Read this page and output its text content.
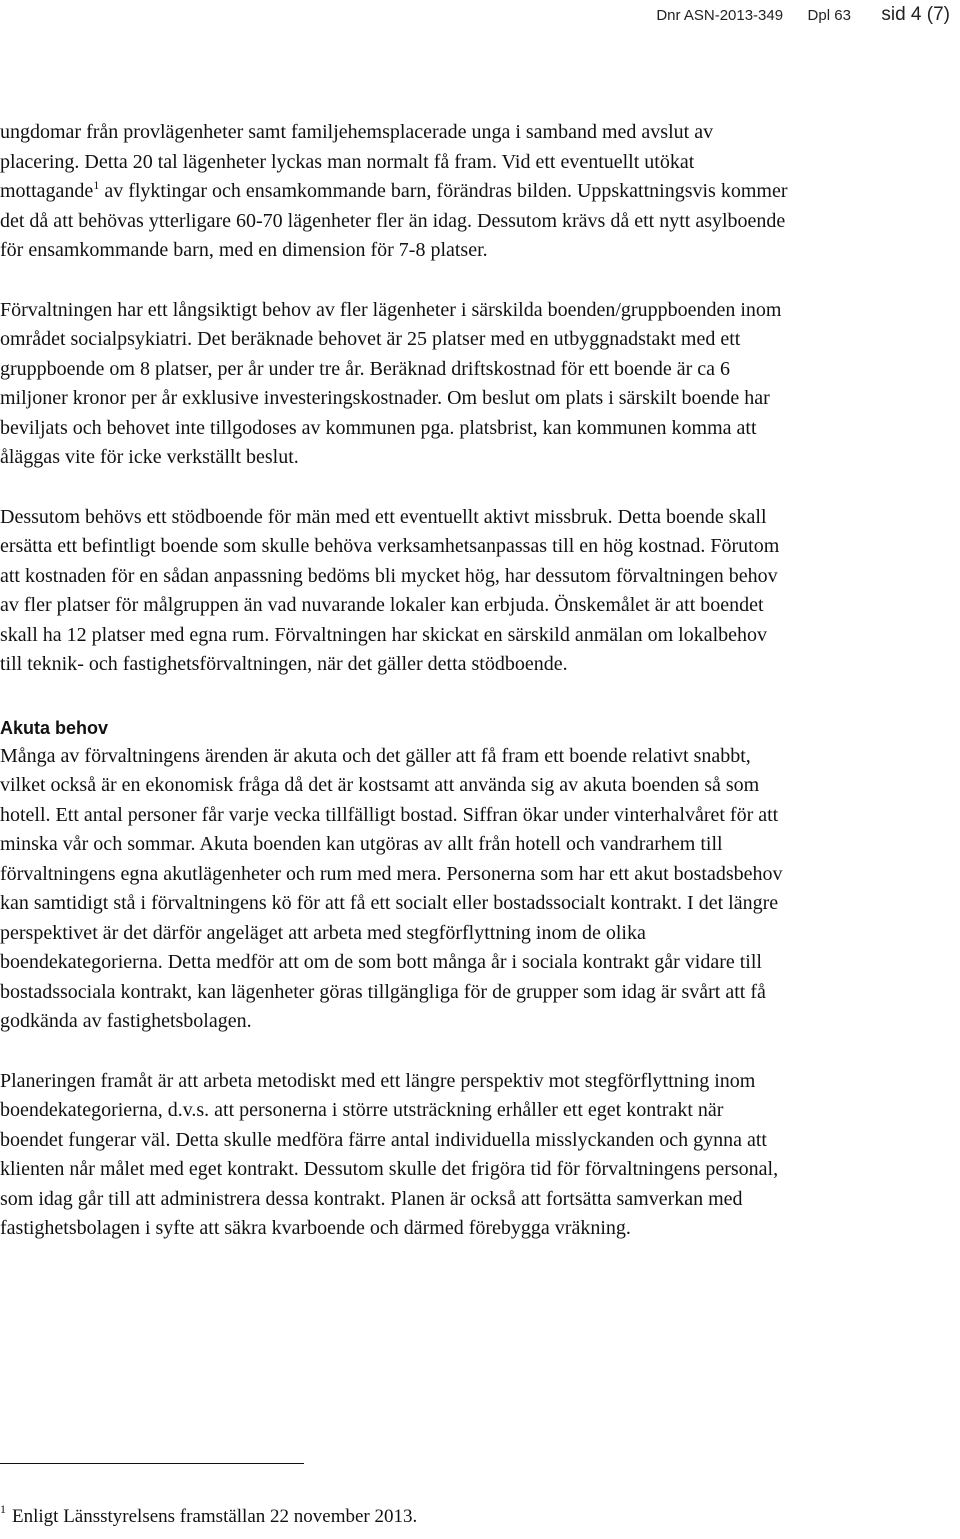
Dnr ASN-2013-349 Dpl 63 sid 4 (7)

ungdomar från provlägenheter samt familjehemsplacerade unga i samband med avslut av placering. Detta 20 tal lägenheter lyckas man normalt få fram. Vid ett eventuellt utökat mottagande$^1$ av flyktingar och ensamkommande barn, förändras bilden. Uppskattningsvis kommer det då att behövas ytterligare 60-70 lägenheter fler än idag. Dessutom krävs då ett nytt asylboende för ensamkommande barn, med en dimension för 7-8 platser.

Förvaltningen har ett långsiktigt behov av fler lägenheter i särskilda boenden/gruppboenden inom området socialpsykiatri. Det beräknade behovet är 25 platser med en utbyggnadstakt med ett gruppboende om 8 platser, per år under tre år. Beräknad driftskostnad för ett boende är ca 6 miljoner kronor per år exklusive investeringskostnader. Om beslut om plats i särskilt boende har beviljats och behovet inte tillgodoses av kommunen pga. platsbrist, kan kommunen komma att åläggas vite för icke verkställt beslut.

Dessutom behövs ett stödboende för män med ett eventuellt aktivt missbruk. Detta boende skall ersätta ett befintligt boende som skulle behöva verksamhetsanpassas till en hög kostnad. Förutom att kostnaden för en sådan anpassning bedöms bli mycket hög, har dessutom förvaltningen behov av fler platser för målgruppen än vad nuvarande lokaler kan erbjuda. Önskemålet är att boendet skall ha 12 platser med egna rum. Förvaltningen har skickat en särskild anmälan om lokalbehov till teknik- och fastighetsförvaltningen, när det gäller detta stödboende.

Akuta behov

Många av förvaltningens ärenden är akuta och det gäller att få fram ett boende relativt snabbt, vilket också är en ekonomisk fråga då det är kostsamt att använda sig av akuta boenden så som hotell. Ett antal personer får varje vecka tillfälligt bostad. Siffran ökar under vinterhalvåret för att minska vår och sommar. Akuta boenden kan utgöras av allt från hotell och vandrarhem till förvaltningens egna akutlägenheter och rum med mera. Personerna som har ett akut bostadsbehov kan samtidigt stå i förvaltningens kö för att få ett socialt eller bostadssocialt kontrakt. I det längre perspektivet är det därför angeläget att arbeta med stegförflyttning inom de olika boendekategorierna. Detta medför att om de som bott många år i sociala kontrakt går vidare till bostadssociala kontrakt, kan lägenheter göras tillgängliga för de grupper som idag är svårt att få godkända av fastighetsbolagen.

Planeringen framåt är att arbeta metodiskt med ett längre perspektiv mot stegförflyttning inom boendekategorierna, d.v.s. att personerna i större utsträckning erhåller ett eget kontrakt när boendet fungerar väl. Detta skulle medföra färre antal individuella misslyckanden och gynna att klienten når målet med eget kontrakt. Dessutom skulle det frigöra tid för förvaltningens personal, som idag går till att administrera dessa kontrakt. Planen är också att fortsätta samverkan med fastighetsbolagen i syfte att säkra kvarboende och därmed förebygga vräkning.

$^1$ Enligt Länsstyrelsens framställan 22 november 2013.
